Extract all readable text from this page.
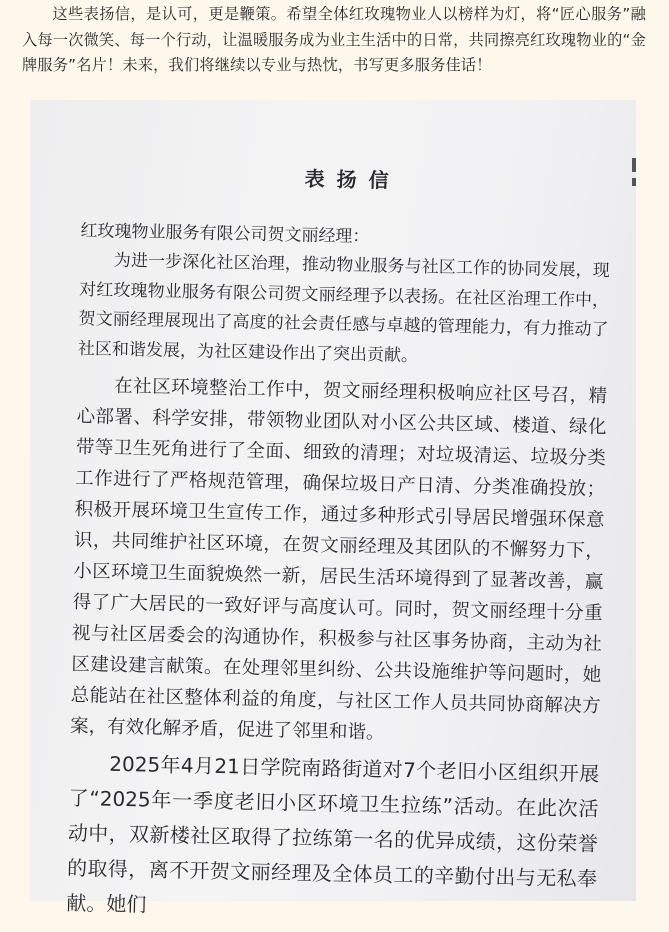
这些表扬信，是认可，更是鞭策。希望全体红玫瑰物业人以榜样为灯，将“匠心服务”融入每一次微笑、每一个行动，让温暖服务成为业主生活中的日常，共同擦亮红玫瑰物业的“金牌服务”名片！未来，我们将继续以专业与热忱，书写更多服务佳话！

表扬信

红玫瑰物业服务有限公司贺文丽经理：

为进一步深化社区治理，推动物业服务与社区工作的协同发展，现对红玫瑰物业服务有限公司贺文丽经理予以表扬。在社区治理工作中，贺文丽经理展现出了高度的社会责任感与卓越的管理能力，有力推动了社区和谐发展，为社区建设作出了突出贡献。

在社区环境整治工作中，贺文丽经理积极响应社区号召，精心部署、科学安排，带领物业团队对小区公共区域、楼道、绿化带等卫生死角进行了全面、细致的清理；对垃圾清运、垃圾分类工作进行了严格规范管理，确保垃圾日产日清、分类准确投放；积极开展环境卫生宣传工作，通过多种形式引导居民增强环保意识，共同维护社区环境，在贺文丽经理及其团队的不懈努力下，小区环境卫生面貌焕然一新，居民生活环境得到了显著改善，赢得了广大居民的一致好评与高度认可。同时，贺文丽经理十分重视与社区居委会的沟通协作，积极参与社区事务协商，主动为社区建设建言献策。在处理邻里纠纷、公共设施维护等问题时，她总能站在社区整体利益的角度，与社区工作人员共同协商解决方案，有效化解矛盾，促进了邻里和谐。

2025年4月21日学院南路街道对7个老旧小区组织开展了“2025年一季度老旧小区环境卫生拉练”活动。在此次活动中，双新楼社区取得了拉练第一名的优异成绩，这份荣誉的取得，离不开贺文丽经理及全体员工的辛勤付出与无私奉献。她们
